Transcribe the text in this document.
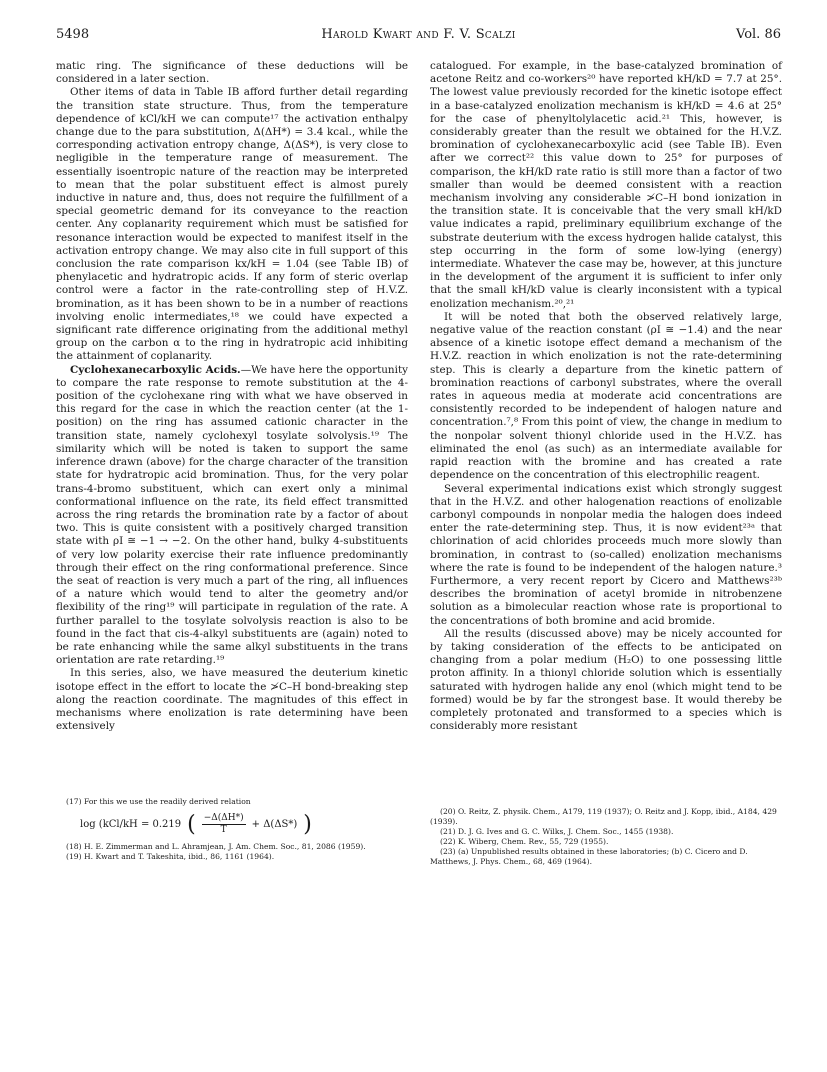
5498	Harold Kwart and F. V. Scalzi	Vol. 86

matic ring. The significance of these deductions will be considered in a later section.

Other items of data in Table IB afford further detail regarding the transition state structure. Thus, from the temperature dependence of kCl/kH we can compute¹⁷ the activation enthalpy change due to the para substitution, Δ(ΔH*) = 3.4 kcal., while the corresponding activation entropy change, Δ(ΔS*), is very close to negligible in the temperature range of measurement. The essentially isoentropic nature of the reaction may be interpreted to mean that the polar substituent effect is almost purely inductive in nature and, thus, does not require the fulfillment of a special geometric demand for its conveyance to the reaction center. Any coplanarity requirement which must be satisfied for resonance interaction would be expected to manifest itself in the activation entropy change. We may also cite in full support of this conclusion the rate comparison kx/kH = 1.04 (see Table IB) of phenylacetic and hydratropic acids. If any form of steric overlap control were a factor in the rate-controlling step of H.V.Z. bromination, as it has been shown to be in a number of reactions involving enolic intermediates,¹⁸ we could have expected a significant rate difference originating from the additional methyl group on the carbon α to the ring in hydratropic acid inhibiting the attainment of coplanarity.

Cyclohexanecarboxylic Acids.—We have here the opportunity to compare the rate response to remote substitution at the 4-position of the cyclohexane ring with what we have observed in this regard for the case in which the reaction center (at the 1-position) on the ring has assumed cationic character in the transition state, namely cyclohexyl tosylate solvolysis.¹⁹ The similarity which will be noted is taken to support the same inference drawn (above) for the charge character of the transition state for hydratropic acid bromination. Thus, for the very polar trans-4-bromo substituent, which can exert only a minimal conformational influence on the rate, its field effect transmitted across the ring retards the bromination rate by a factor of about two. This is quite consistent with a positively charged transition state with ρI ≅ −1 → −2. On the other hand, bulky 4-substituents of very low polarity exercise their rate influence predominantly through their effect on the ring conformational preference. Since the seat of reaction is very much a part of the ring, all influences of a nature which would tend to alter the geometry and/or flexibility of the ring¹⁹ will participate in regulation of the rate. A further parallel to the tosylate solvolysis reaction is also to be found in the fact that cis-4-alkyl substituents are (again) noted to be rate enhancing while the same alkyl substituents in the trans orientation are rate retarding.¹⁹

In this series, also, we have measured the deuterium kinetic isotope effect in the effort to locate the ≯C–H bond-breaking step along the reaction coordinate. The magnitudes of this effect in mechanisms where enolization is rate determining have been extensively

(17) For this we use the readily derived relation

log (kCl/kH = 0.219 ( $\frac{-\Delta(\Delta H*)}{T} + \Delta(\Delta S*)$ )

(18) H. E. Zimmerman and L. Ahramjean, J. Am. Chem. Soc., 81, 2086 (1959).

(19) H. Kwart and T. Takeshita, ibid., 86, 1161 (1964).

catalogued. For example, in the base-catalyzed bromination of acetone Reitz and co-workers²⁰ have reported kH/kD = 7.7 at 25°. The lowest value previously recorded for the kinetic isotope effect in a base-catalyzed enolization mechanism is kH/kD = 4.6 at 25° for the case of phenyltolylacetic acid.²¹ This, however, is considerably greater than the result we obtained for the H.V.Z. bromination of cyclohexanecarboxylic acid (see Table IB). Even after we correct²² this value down to 25° for purposes of comparison, the kH/kD rate ratio is still more than a factor of two smaller than would be deemed consistent with a reaction mechanism involving any considerable ≯C–H bond ionization in the transition state. It is conceivable that the very small kH/kD value indicates a rapid, preliminary equilibrium exchange of the substrate deuterium with the excess hydrogen halide catalyst, this step occurring in the form of some low-lying (energy) intermediate. Whatever the case may be, however, at this juncture in the development of the argument it is sufficient to infer only that the small kH/kD value is clearly inconsistent with a typical enolization mechanism.²⁰,²¹

It will be noted that both the observed relatively large, negative value of the reaction constant (ρI ≅ −1.4) and the near absence of a kinetic isotope effect demand a mechanism of the H.V.Z. reaction in which enolization is not the rate-determining step. This is clearly a departure from the kinetic pattern of bromination reactions of carbonyl substrates, where the overall rates in aqueous media at moderate acid concentrations are consistently recorded to be independent of halogen nature and concentration.⁷,⁸ From this point of view, the change in medium to the nonpolar solvent thionyl chloride used in the H.V.Z. has eliminated the enol (as such) as an intermediate available for rapid reaction with the bromine and has created a rate dependence on the concentration of this electrophilic reagent.

Several experimental indications exist which strongly suggest that in the H.V.Z. and other halogenation reactions of enolizable carbonyl compounds in nonpolar media the halogen does indeed enter the rate-determining step. Thus, it is now evident²³ᵃ that chlorination of acid chlorides proceeds much more slowly than bromination, in contrast to (so-called) enolization mechanisms where the rate is found to be independent of the halogen nature.³ Furthermore, a very recent report by Cicero and Matthews²³ᵇ describes the bromination of acetyl bromide in nitrobenzene solution as a bimolecular reaction whose rate is proportional to the concentrations of both bromine and acid bromide.

All the results (discussed above) may be nicely accounted for by taking consideration of the effects to be anticipated on changing from a polar medium (H₂O) to one possessing little proton affinity. In a thionyl chloride solution which is essentially saturated with hydrogen halide any enol (which might tend to be formed) would be by far the strongest base. It would thereby be completely protonated and transformed to a species which is considerably more resistant

(20) O. Reitz, Z. physik. Chem., A179, 119 (1937); O. Reitz and J. Kopp, ibid., A184, 429 (1939).

(21) D. J. G. Ives and G. C. Wilks, J. Chem. Soc., 1455 (1938).

(22) K. Wiberg, Chem. Rev., 55, 729 (1955).

(23) (a) Unpublished results obtained in these laboratories; (b) C. Cicero and D. Matthews, J. Phys. Chem., 68, 469 (1964).
